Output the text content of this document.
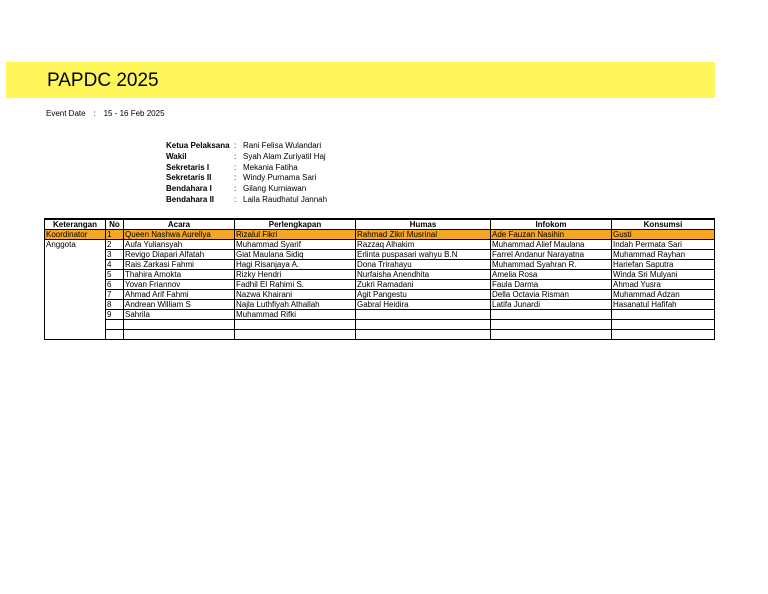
PAPDC 2025
Event Date : 15 - 16 Feb 2025
Ketua Pelaksana : Rani Felisa Wulandari
Wakil	: Syah Alam Zuriyatil Haj
Sekretaris I	: Mekania Fatiha
Sekretaris II	: Windy Purnama Sari
Bendahara I	: Gilang Kurniawan
Bendahara II	: Laila Raudhatul Jannah
Keterangan	No	Acara	Perlengkapan	Humas	Infokom	Konsumsi
Koordinator	1	Queen Nashwa Aurellya	Rizalul Fikri	Rahmad Zikri Musrinal	Ade Fauzan Nasihin	Gusti
Anggota	2	Aufa Yuliansyah	Muhammad Syarif	Razzaq Alhakim	Muhammad Alief Maulana	Indah Permata Sari
	3	Revigo Diapari Alfatah	Giat Maulana Sidiq	Erlinta puspasari wahyu B.N	Farrel Andanur Narayatna	Muhammad Rayhan
	4	Rais Zarkasi Fahmi	Hagi Risanjaya A.	Dona Trirahayu	Muhammad Syahran R.	Hariefan Saputra
	5	Thahira Amokta	Rizky Hendri	Nurfaisha Anendhita	Amelia Rosa	Winda Sri Mulyani
	6	Yovan Friannov	Fadhil El Rahimi S.	Zukri Ramadani	Faula Darma	Ahmad Yusra
	7	Ahmad Arif Fahmi	Nazwa Khairani	Agit Pangestu	Della Octavia Risman	Muhammad Adzan
	8	Andrean William S	Najla Luthfiyah Athallah	Gabral Heidira	Latifa Junardi	Hasanatul Hafifah
	9	Sahrila	Muhammad Rifki			
